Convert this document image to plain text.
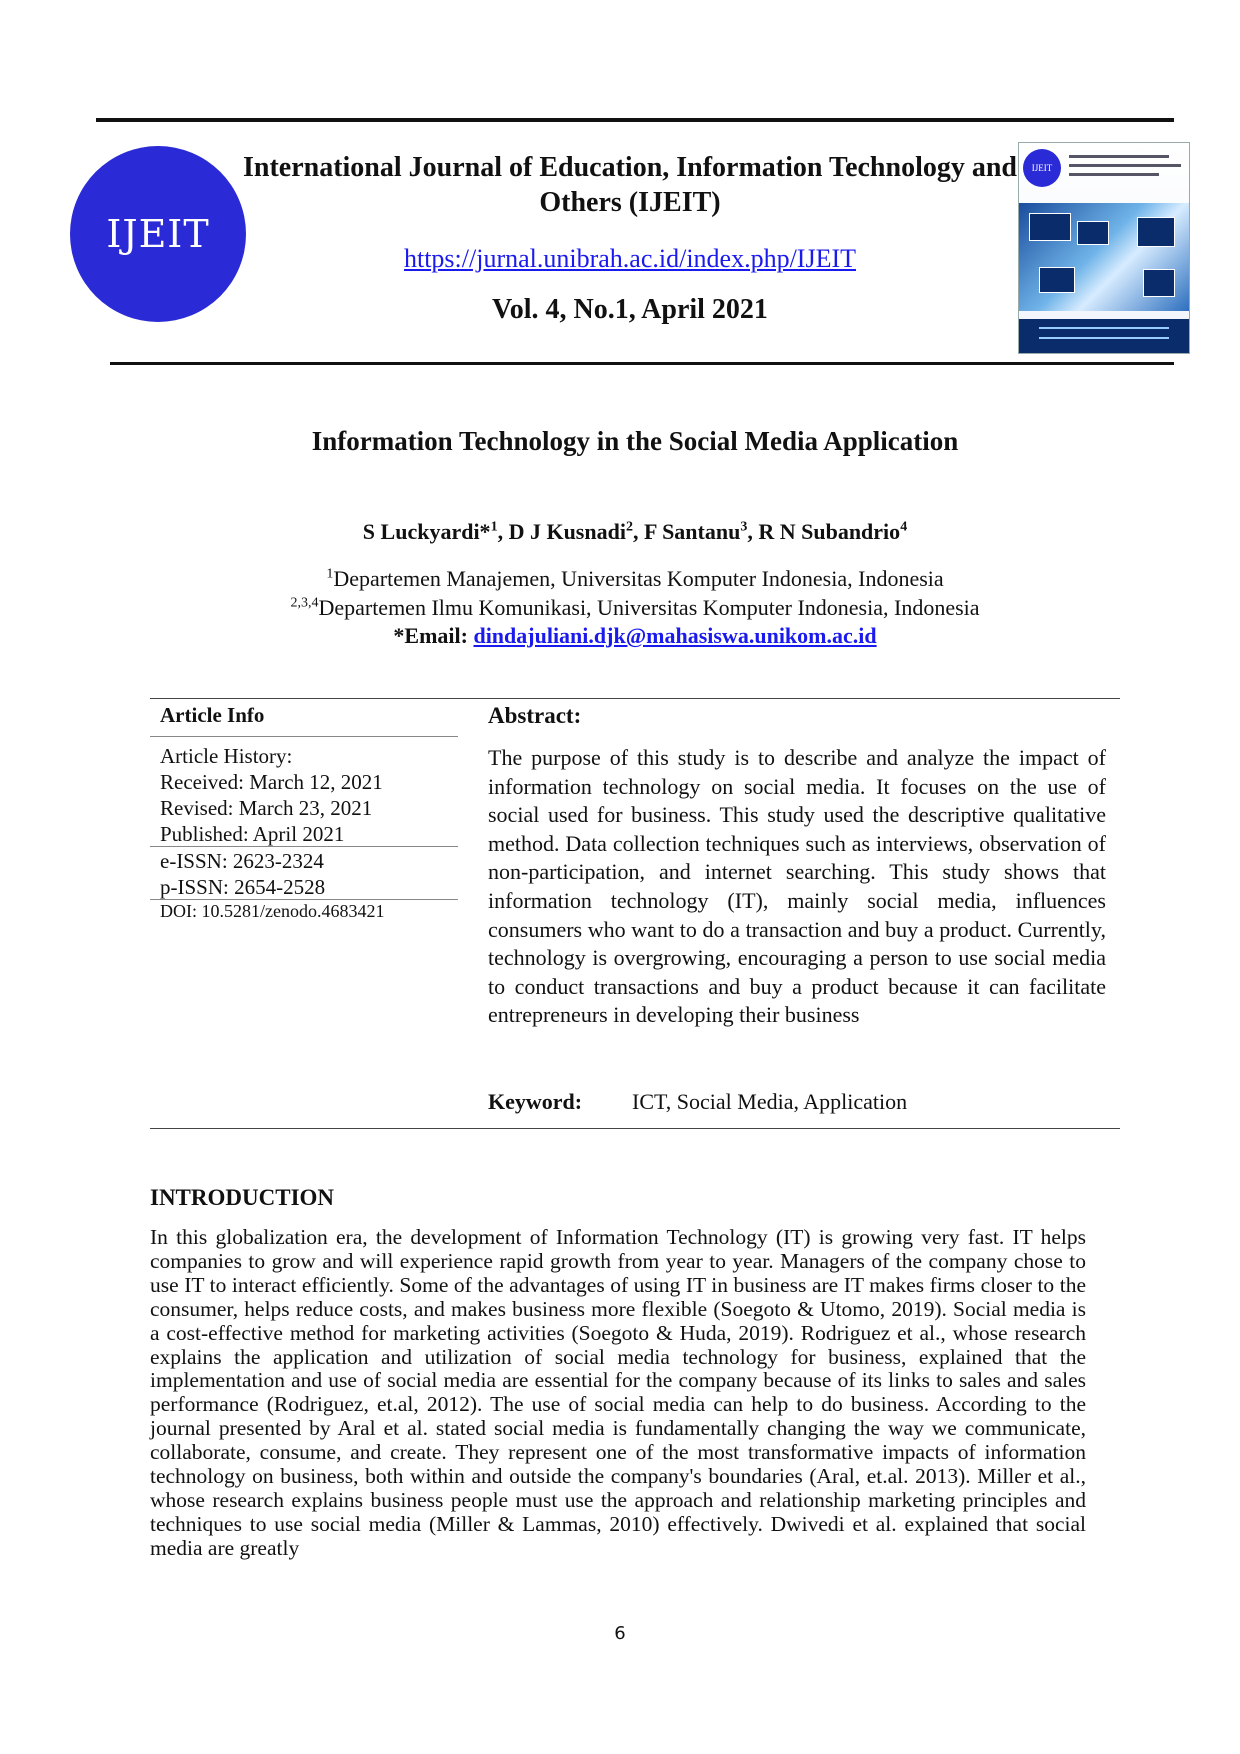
IJEIT
International Journal of Education, Information Technology and Others (IJEIT)
https://jurnal.unibrah.ac.id/index.php/IJEIT
Vol. 4, No.1, April 2021
IJEIT
Information Technology in the Social Media Application
S Luckyardi*$^1$, D J Kusnadi$^2$, F Santanu$^3$, R N Subandrio$^4$
$^1$Departemen Manajemen, Universitas Komputer Indonesia, Indonesia
$^{2,3,4}$Departemen Ilmu Komunikasi, Universitas Komputer Indonesia, Indonesia
*Email: dindajuliani.djk@mahasiswa.unikom.ac.id
Article Info
Article History:
Received: March 12, 2021
Revised: March 23, 2021
Published: April 2021
e-ISSN: 2623-2324
p-ISSN: 2654-2528
DOI: 10.5281/zenodo.4683421
Abstract:

The purpose of this study is to describe and analyze the impact of information technology on social media. It focuses on the use of social used for business. This study used the descriptive qualitative method. Data collection techniques such as interviews, observation of non-participation, and internet searching. This study shows that information technology (IT), mainly social media, influences consumers who want to do a transaction and buy a product. Currently, technology is overgrowing, encouraging a person to use social media to conduct transactions and buy a product because it can facilitate entrepreneurs in developing their business

Keyword: ICT, Social Media, Application
INTRODUCTION

In this globalization era, the development of Information Technology (IT) is growing very fast. IT helps companies to grow and will experience rapid growth from year to year. Managers of the company chose to use IT to interact efficiently. Some of the advantages of using IT in business are IT makes firms closer to the consumer, helps reduce costs, and makes business more flexible (Soegoto & Utomo, 2019). Social media is a cost-effective method for marketing activities (Soegoto & Huda, 2019). Rodriguez et al., whose research explains the application and utilization of social media technology for business, explained that the implementation and use of social media are essential for the company because of its links to sales and sales performance (Rodriguez, et.al, 2012). The use of social media can help to do business. According to the journal presented by Aral et al. stated social media is fundamentally changing the way we communicate, collaborate, consume, and create. They represent one of the most transformative impacts of information technology on business, both within and outside the company's boundaries (Aral, et.al. 2013). Miller et al., whose research explains business people must use the approach and relationship marketing principles and techniques to use social media (Miller & Lammas, 2010) effectively. Dwivedi et al. explained that social media are greatly

6
